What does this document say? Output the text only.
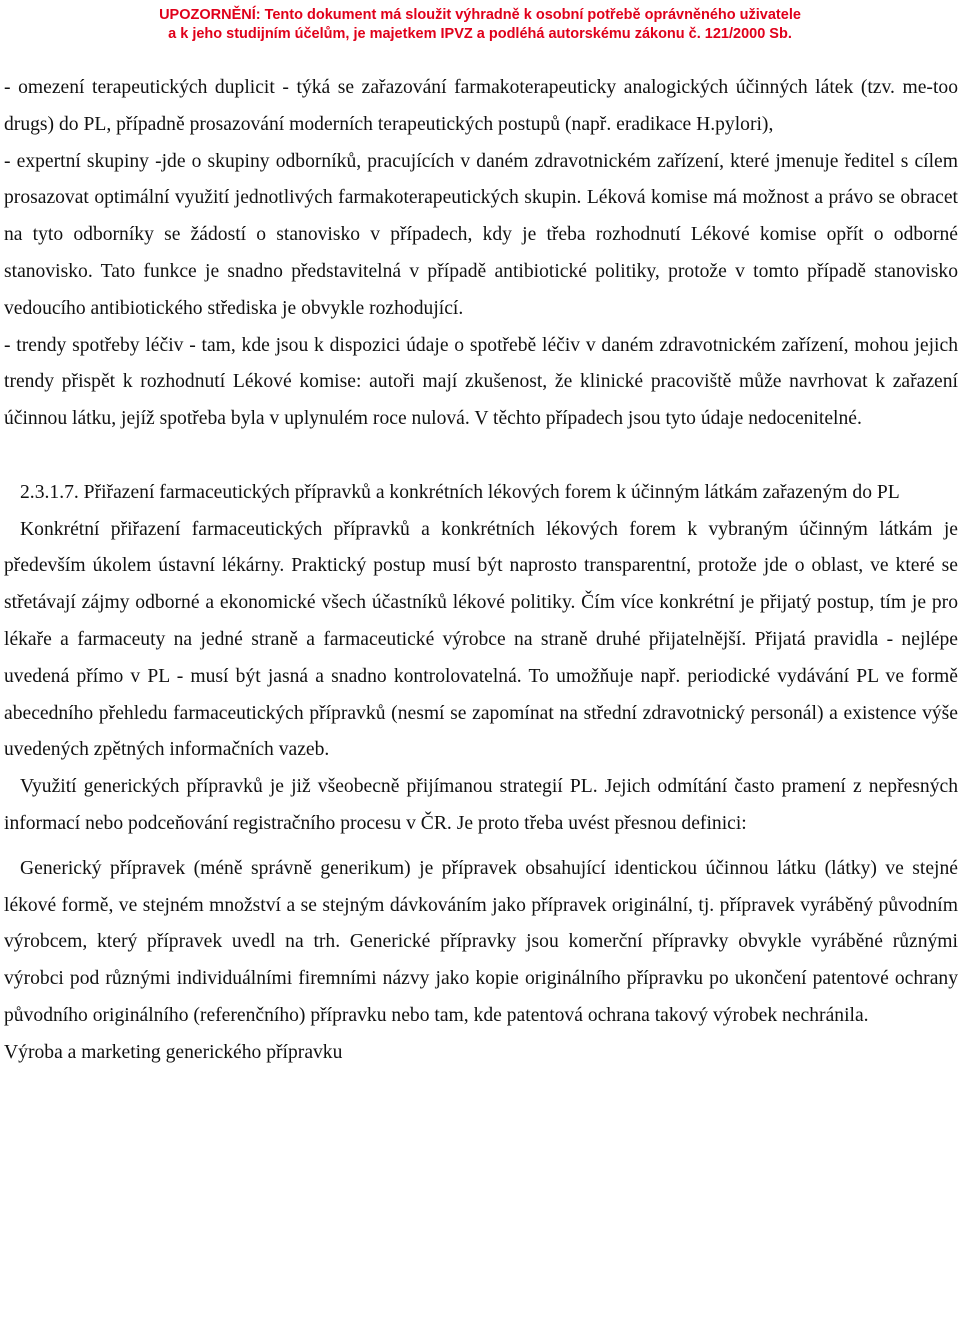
UPOZORNĚNÍ: Tento dokument má sloužit výhradně k osobní potřebě oprávněného uživatele
a k jeho studijním účelům, je majetkem IPVZ a podléhá autorskému zákonu č. 121/2000 Sb.

- omezení terapeutických duplicit - týká se zařazování farmakoterapeuticky analogických účinných látek (tzv. me-too drugs) do PL, případně prosazování moderních terapeutických postupů (např. eradikace H.pylori),

- expertní skupiny -jde o skupiny odborníků, pracujících v daném zdravotnickém zařízení, které jmenuje ředitel s cílem prosazovat optimální využití jednotlivých farmakoterapeutických skupin. Léková komise má možnost a právo se obracet na tyto odborníky se žádostí o stanovisko v případech, kdy je třeba rozhodnutí Lékové komise opřít o odborné stanovisko. Tato funkce je snadno představitelná v případě antibiotické politiky, protože v tomto případě stanovisko vedoucího antibiotického střediska je obvykle rozhodující.

- trendy spotřeby léčiv - tam, kde jsou k dispozici údaje o spotřebě léčiv v daném zdravotnickém zařízení, mohou jejich trendy přispět k rozhodnutí Lékové komise: autoři mají zkušenost, že klinické pracoviště může navrhovat k zařazení účinnou látku, jejíž spotřeba byla v uplynulém roce nulová. V těchto případech jsou tyto údaje nedocenitelné.

2.3.1.7. Přiřazení farmaceutických přípravků a konkrétních lékových forem k účinným látkám zařazeným do PL

Konkrétní přiřazení farmaceutických přípravků a konkrétních lékových forem k vybraným účinným látkám je především úkolem ústavní lékárny. Praktický postup musí být naprosto transparentní, protože jde o oblast, ve které se střetávají zájmy odborné a ekonomické všech účastníků lékové politiky. Čím více konkrétní je přijatý postup, tím je pro lékaře a farmaceuty na jedné straně a farmaceutické výrobce na straně druhé přijatelnější. Přijatá pravidla - nejlépe uvedená přímo v PL - musí být jasná a snadno kontrolovatelná. To umožňuje např. periodické vydávání PL ve formě abecedního přehledu farmaceutických přípravků (nesmí se zapomínat na střední zdravotnický personál) a existence výše uvedených zpětných informačních vazeb.

Využití generických přípravků je již všeobecně přijímanou strategií PL. Jejich odmítání často pramení z nepřesných informací nebo podceňování registračního procesu v ČR. Je proto třeba uvést přesnou definici:

Generický přípravek (méně správně generikum) je přípravek obsahující identickou účinnou látku (látky) ve stejné lékové formě, ve stejném množství a se stejným dávkováním jako přípravek originální, tj. přípravek vyráběný původním výrobcem, který přípravek uvedl na trh. Generické přípravky jsou komerční přípravky obvykle vyráběné různými výrobci pod různými individuálními firemními názvy jako kopie originálního přípravku po ukončení patentové ochrany původního originálního (referenčního) přípravku nebo tam, kde patentová ochrana takový výrobek nechránila.

Výroba a marketing generického přípravku
